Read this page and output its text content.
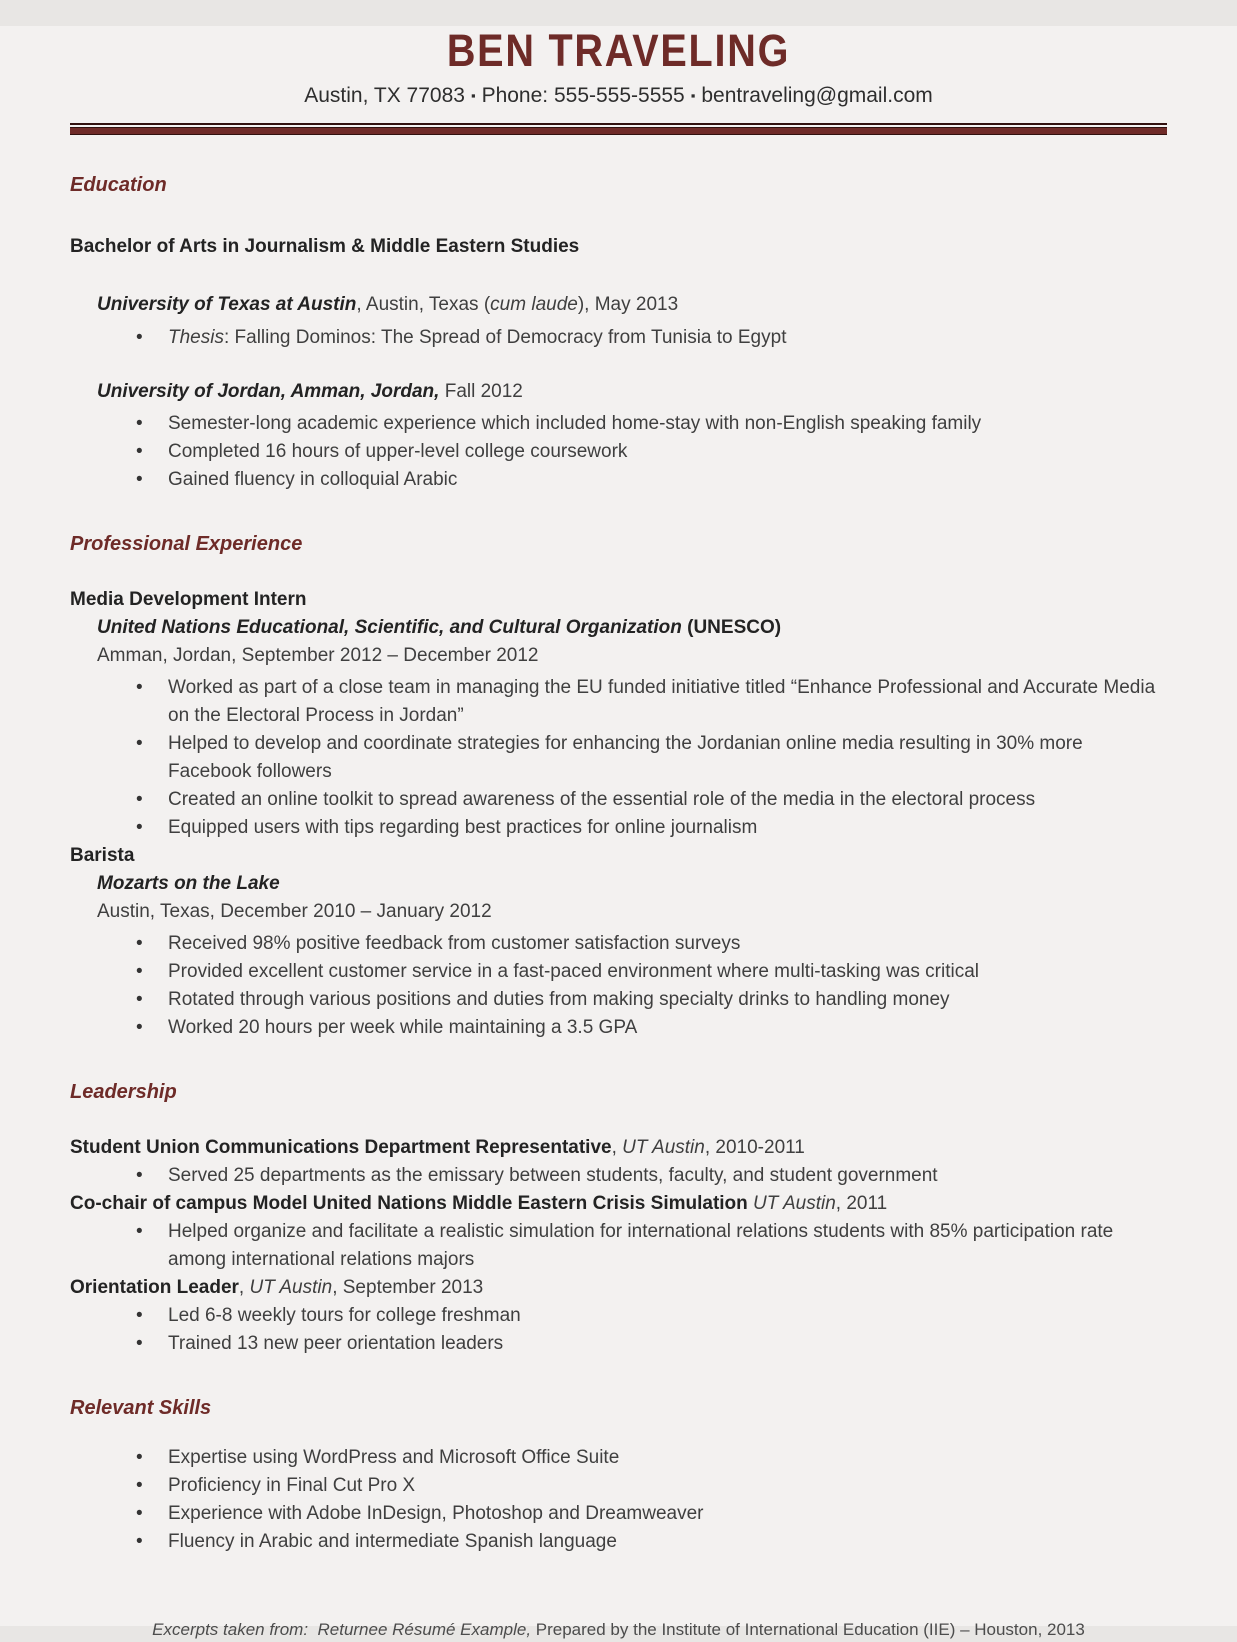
BEN TRAVELING
Austin, TX 77083 ▪ Phone: 555-555-5555 ▪ bentraveling@gmail.com
Education
Bachelor of Arts in Journalism & Middle Eastern Studies
University of Texas at Austin, Austin, Texas (cum laude), May 2013
•
Thesis: Falling Dominos: The Spread of Democracy from Tunisia to Egypt
University of Jordan, Amman, Jordan, Fall 2012
•
Semester-long academic experience which included home-stay with non-English speaking family
•
Completed 16 hours of upper-level college coursework
•
Gained fluency in colloquial Arabic
Professional Experience
Media Development Intern
United Nations Educational, Scientific, and Cultural Organization (UNESCO)
Amman, Jordan, September 2012 – December 2012
•
Worked as part of a close team in managing the EU funded initiative titled “Enhance Professional and Accurate Media on the Electoral Process in Jordan”
•
Helped to develop and coordinate strategies for enhancing the Jordanian online media resulting in 30% more Facebook followers
•
Created an online toolkit to spread awareness of the essential role of the media in the electoral process
•
Equipped users with tips regarding best practices for online journalism
Barista
Mozarts on the Lake
Austin, Texas, December 2010 – January 2012
•
Received 98% positive feedback from customer satisfaction surveys
•
Provided excellent customer service in a fast-paced environment where multi-tasking was critical
•
Rotated through various positions and duties from making specialty drinks to handling money
•
Worked 20 hours per week while maintaining a 3.5 GPA
Leadership
Student Union Communications Department Representative, UT Austin, 2010-2011
•
Served 25 departments as the emissary between students, faculty, and student government
Co-chair of campus Model United Nations Middle Eastern Crisis Simulation UT Austin, 2011
•
Helped organize and facilitate a realistic simulation for international relations students with 85% participation rate among international relations majors
Orientation Leader, UT Austin, September 2013
•
Led 6-8 weekly tours for college freshman
•
Trained 13 new peer orientation leaders
Relevant Skills
•
Expertise using WordPress and Microsoft Office Suite
•
Proficiency in Final Cut Pro X
•
Experience with Adobe InDesign, Photoshop and Dreamweaver
•
Fluency in Arabic and intermediate Spanish language
Excerpts taken from:  Returnee Résumé Example, Prepared by the Institute of International Education (IIE) – Houston, 2013
